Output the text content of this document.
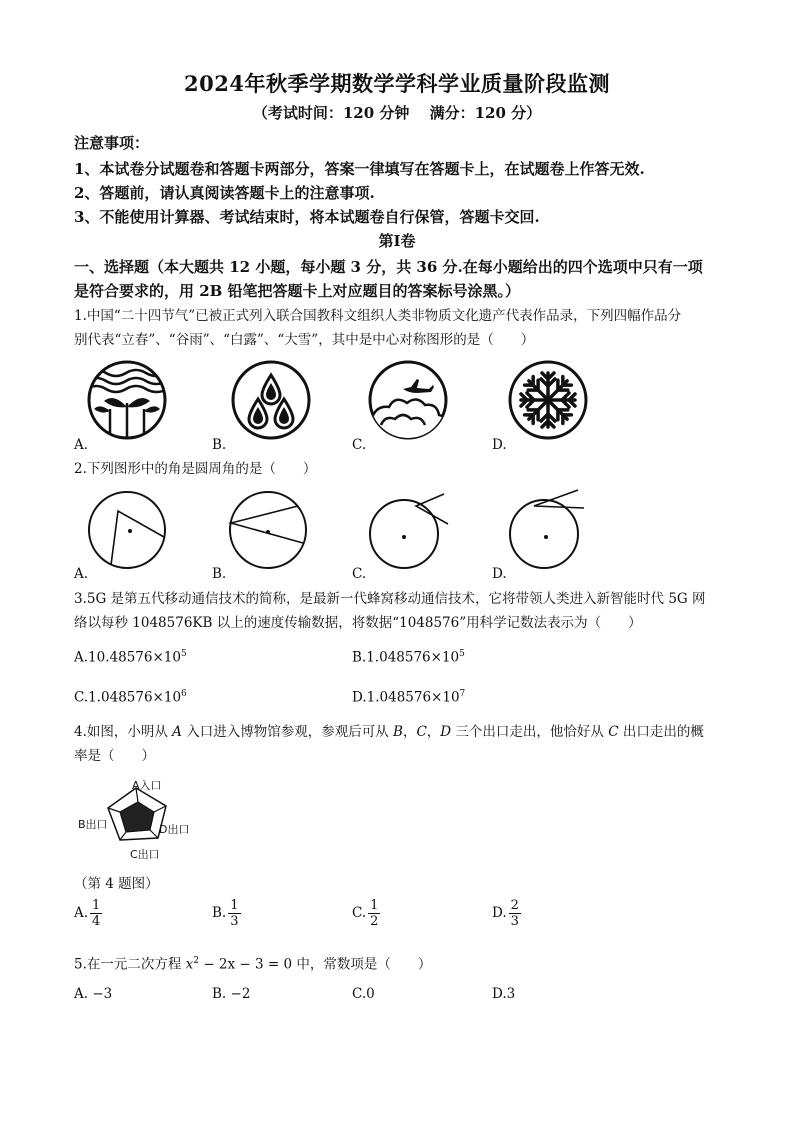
2024年秋季学期数学学科学业质量阶段监测
（考试时间：120 分钟　 满分：120 分）
注意事项：
1、本试卷分试题卷和答题卡两部分，答案一律填写在答题卡上，在试题卷上作答无效.
2、答题前，请认真阅读答题卡上的注意事项.
3、不能使用计算器、考试结束时，将本试题卷自行保管，答题卡交回.
第Ⅰ卷
一、选择题（本大题共 12 小题，每小题 3 分，共 36 分.在每小题给出的四个选项中只有一项
是符合要求的，用 2B 铅笔把答题卡上对应题目的答案标号涂黑。）
1.中国“二十四节气”已被正式列入联合国教科文组织人类非物质文化遗产代表作品录，下列四幅作品分
别代表“立春”、“谷雨”、“白露”、“大雪”，其中是中心对称图形的是（　　）
A.	B.	C.	D.
2.下列图形中的角是圆周角的是（　　）
A.	B.	C.	D.
3.5G 是第五代移动通信技术的简称，是最新一代蜂窝移动通信技术，它将带领人类进入新智能时代 5G 网
络以每秒 1048576KB 以上的速度传输数据，将数据“1048576”用科学记数法表示为（　　）
$A.10.48576\times 10^5$	$B.1.048576\times 10^5$
$C.1.048576\times 10^6$	$D.1.048576\times 10^7$
4.如图，小明从 A 入口进入博物馆参观，参观后可从 B，C，D 三个出口走出，他恰好从 C 出口走出的概
率是（　　）
A入口
B出口	D出口
C出口
（第 4 题图）
A. $\frac{1}{4}$	B. $\frac{1}{3}$	C. $\frac{1}{2}$	D. $\frac{2}{3}$
5.在一元二次方程 $x^2 - 2x - 3 = 0$ 中，常数项是（　　）
A. −3	B. −2	C.0	D.3
